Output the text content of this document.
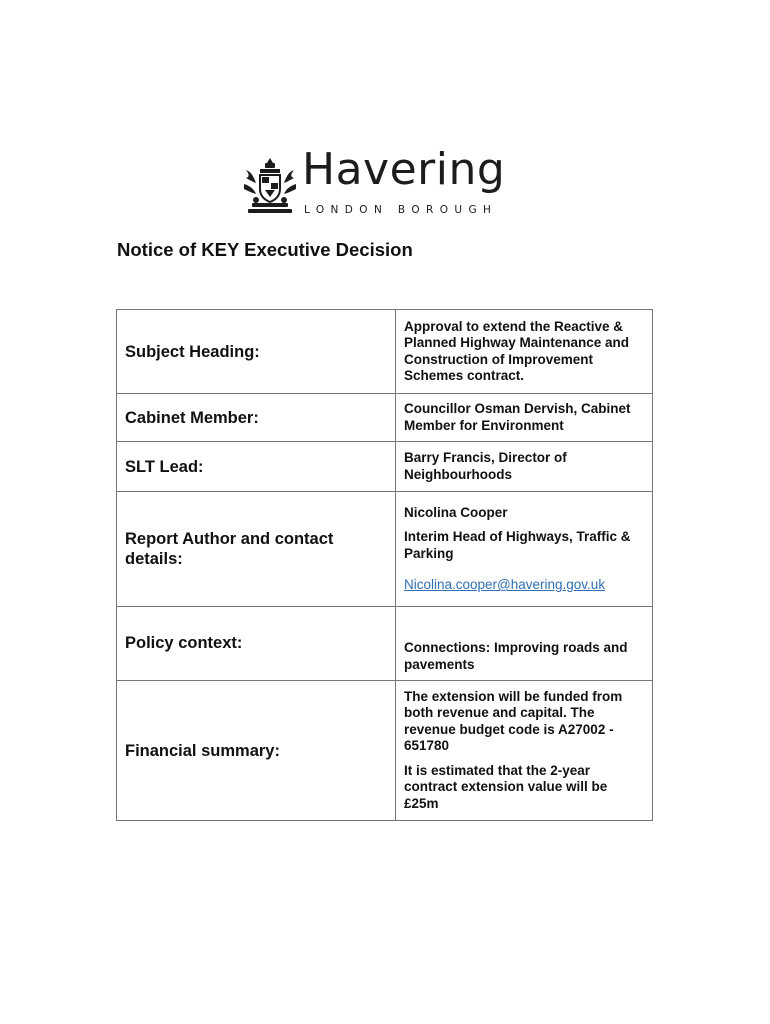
Havering
LONDON BOROUGH
Notice of KEY Executive Decision
Subject Heading:	Approval to extend the Reactive & Planned Highway Maintenance and Construction of Improvement Schemes contract.

Cabinet Member:	Councillor Osman Dervish, Cabinet Member for Environment

SLT Lead:	Barry Francis, Director of Neighbourhoods

Report Author and contact details:	Nicolina Cooper

Interim Head of Highways, Traffic & Parking

Nicolina.cooper@havering.gov.uk

Policy context:	Connections: Improving roads and pavements

Financial summary:	The extension will be funded from both revenue and capital. The revenue budget code is A27002 - 651780

It is estimated that the 2-year contract extension value will be £25m
